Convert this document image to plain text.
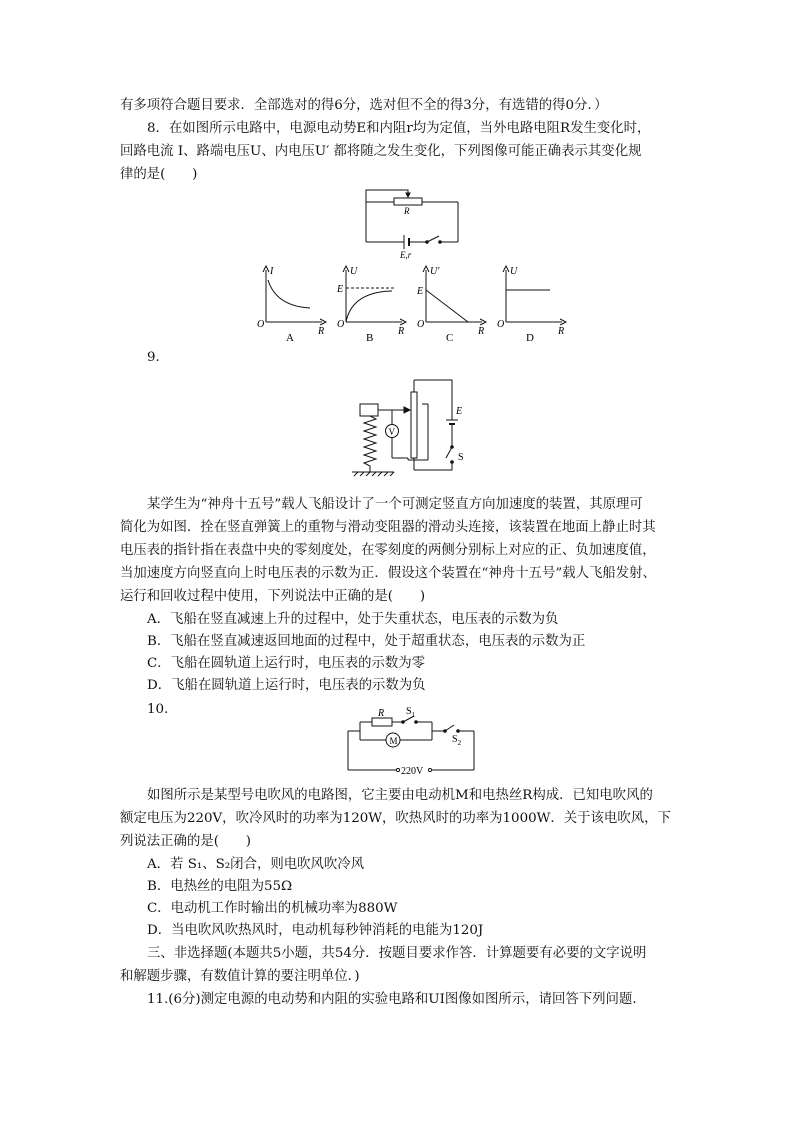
有多项符合题目要求．全部选对的得6分，选对但不全的得3分，有选错的得0分．）
8．在如图所示电路中，电源电动势E和内阻r均为定值，当外电路电阻R发生变化时，
回路电流 I、路端电压U、内电压U′ 都将随之发生变化，下列图像可能正确表示其变化规
律的是(　　)
R
E,r
I
R
O
A
U
E
R
O
B
U′
E
R
O
C
U
R
O
D
9.
V
E
S
某学生为“神舟十五号”载人飞船设计了一个可测定竖直方向加速度的装置，其原理可
简化为如图．拴在竖直弹簧上的重物与滑动变阻器的滑动头连接，该装置在地面上静止时其
电压表的指针指在表盘中央的零刻度处，在零刻度的两侧分别标上对应的正、负加速度值，
当加速度方向竖直向上时电压表的示数为正．假设这个装置在“神舟十五号”载人飞船发射、
运行和回收过程中使用，下列说法中正确的是(　　)
A．飞船在竖直减速上升的过程中，处于失重状态，电压表的示数为负
B．飞船在竖直减速返回地面的过程中，处于超重状态，电压表的示数为正
C．飞船在圆轨道上运行时，电压表的示数为零
D．飞船在圆轨道上运行时，电压表的示数为负
10.	R $S_1$
M	$S_2$
220V
如图所示是某型号电吹风的电路图，它主要由电动机M和电热丝R构成．已知电吹风的
额定电压为220V，吹冷风时的功率为120W，吹热风时的功率为1000W．关于该电吹风，下
列说法正确的是(　　)
A．若 S₁、S₂闭合，则电吹风吹冷风
B．电热丝的电阻为55Ω
C．电动机工作时输出的机械功率为880W
D．当电吹风吹热风时，电动机每秒钟消耗的电能为120J
三、非选择题(本题共5小题，共54分．按题目要求作答．计算题要有必要的文字说明
和解题步骤，有数值计算的要注明单位．)
11.(6分)测定电源的电动势和内阻的实验电路和UI图像如图所示，请回答下列问题．
